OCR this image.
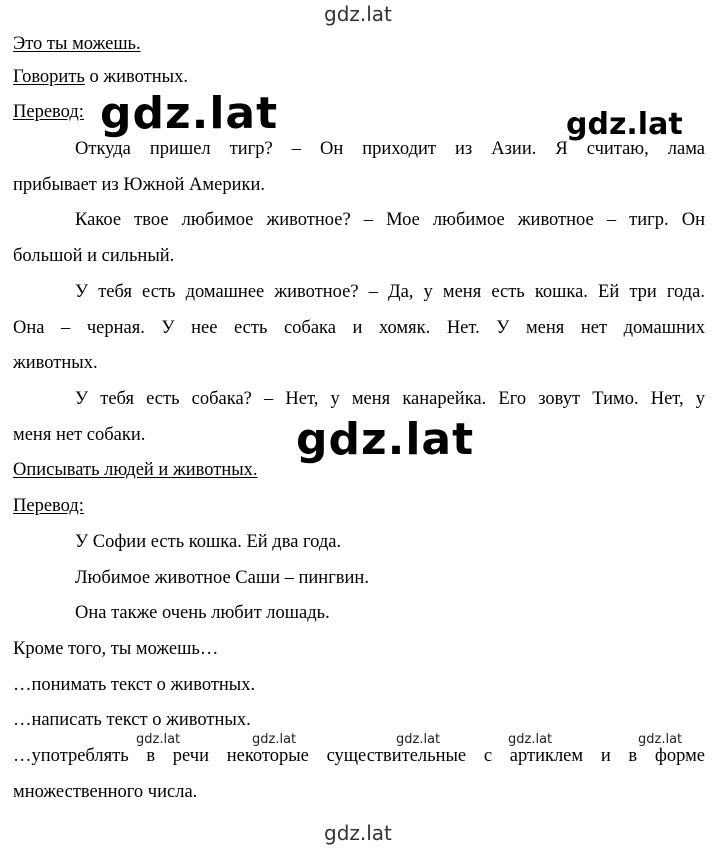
gdz.lat
gdz.lat	gdz.lat
gdz.lat
gdz.lat	gdz.lat	gdz.lat	gdz.lat	gdz.lat
gdz.lat
Это ты можешь.
Говорить о животных.
Перевод:
Откуда пришел тигр? – Он приходит из Азии. Я считаю, лама
прибывает из Южной Америки.
Какое твое любимое животное? – Мое любимое животное – тигр. Он
большой и сильный.
У тебя есть домашнее животное? – Да, у меня есть кошка. Ей три года.
Она – черная. У нее есть собака и хомяк. Нет. У меня нет домашних
животных.
У тебя есть собака? – Нет, у меня канарейка. Его зовут Тимо. Нет, у
меня нет собаки.
Описывать людей и животных.
Перевод:
У Софии есть кошка. Ей два года.
Любимое животное Саши – пингвин.
Она также очень любит лошадь.
Кроме того, ты можешь…
…понимать текст о животных.
…написать текст о животных.
…употреблять в речи некоторые существительные с артиклем и в форме
множественного числа.
